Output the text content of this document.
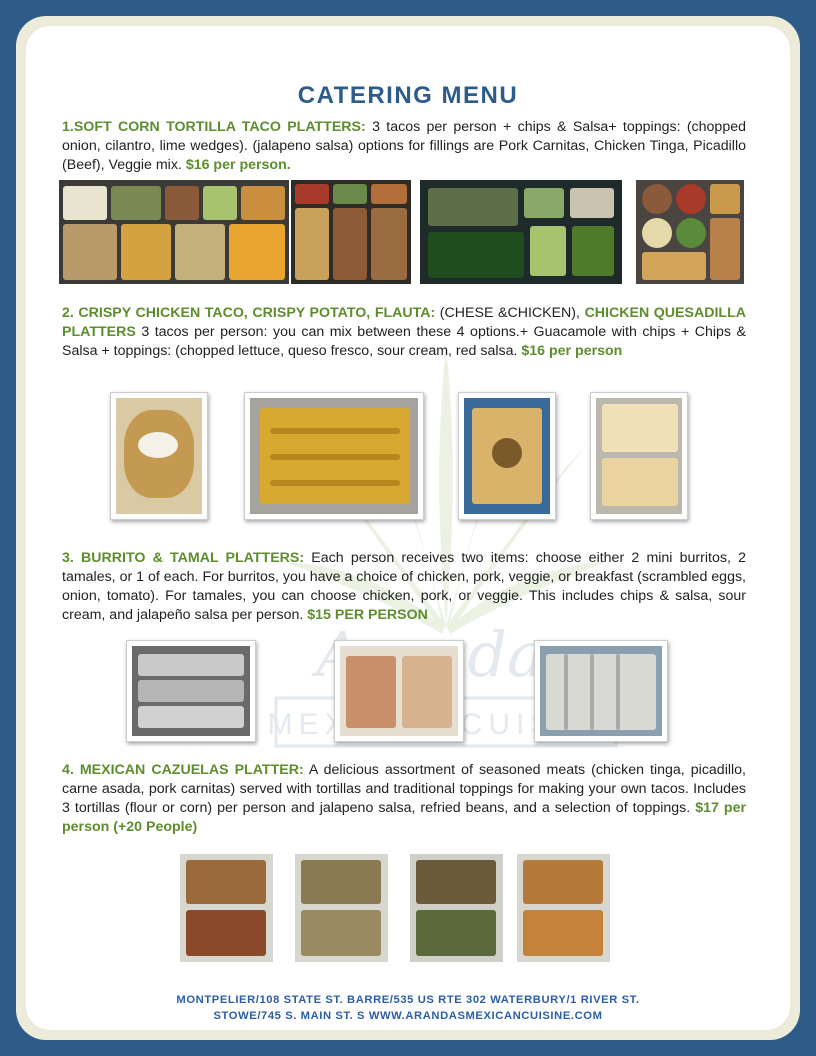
CATERING MENU
1.SOFT CORN TORTILLA TACO PLATTERS: 3 tacos per person + chips & Salsa+ toppings: (chopped onion, cilantro, lime wedges). (jalapeno salsa) options for fillings are Pork Carnitas, Chicken Tinga, Picadillo (Beef), Veggie mix. $16 per person.
2. CRISPY CHICKEN TACO, CRISPY POTATO, FLAUTA: (CHESE &CHICKEN), CHICKEN QUESADILLA PLATTERS 3 tacos per person: you can mix between these 4 options.+ Guacamole with chips + Chips & Salsa + toppings: (chopped lettuce, queso fresco, sour cream, red salsa. $16 per person
3. BURRITO & TAMAL PLATTERS: Each person receives two items: choose either 2 mini burritos, 2 tamales, or 1 of each. For burritos, you have a choice of chicken, pork, veggie, or breakfast (scrambled eggs, onion, tomato). For tamales, you can choose chicken, pork, or veggie. This includes chips & salsa, sour cream, and jalapeño salsa per person. $15 PER PERSON
4. MEXICAN CAZUELAS PLATTER: A delicious assortment of seasoned meats (chicken tinga, picadillo, carne asada, pork carnitas) served with tortillas and traditional toppings for making your own tacos. Includes 3 tortillas (flour or corn) per person and jalapeno salsa, refried beans, and a selection of toppings. $17 per person (+20 People)
MONTPELIER/108 STATE ST. BARRE/535 US RTE 302 WATERBURY/1 RIVER ST.
STOWE/745 S. MAIN ST. S WWW.ARANDASMEXICANCUISINE.COM
